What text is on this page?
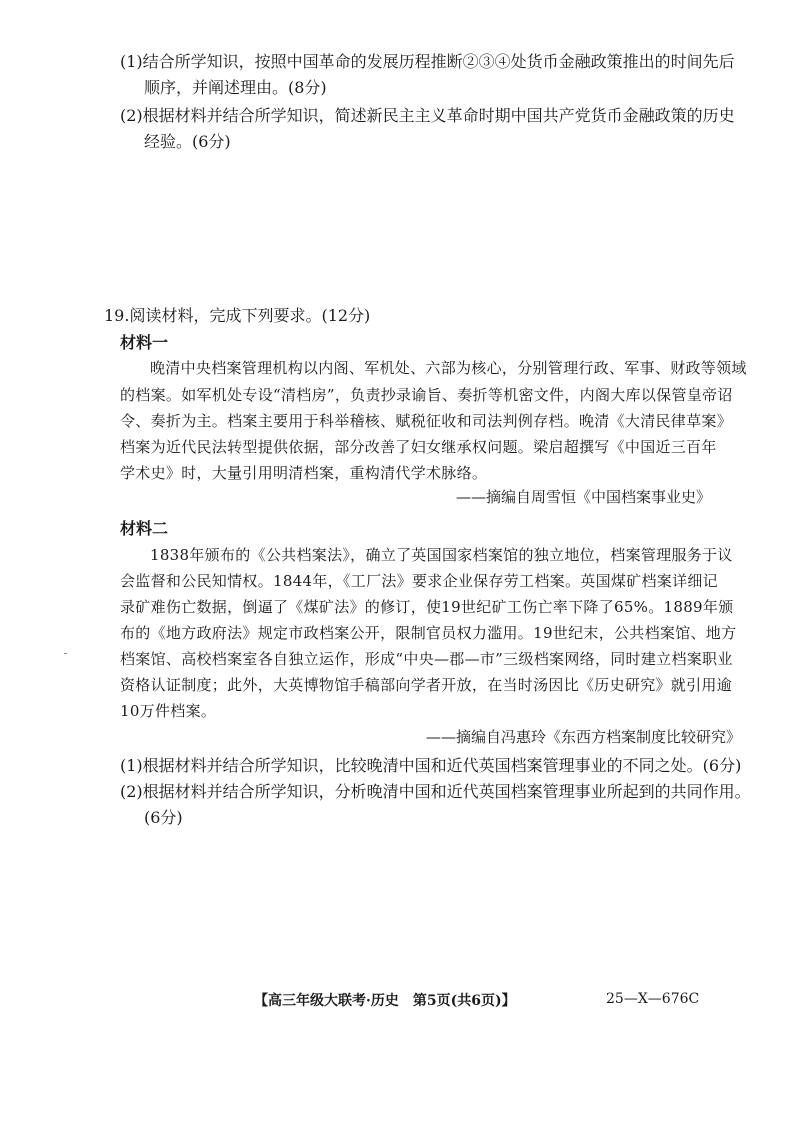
(1)结合所学知识，按照中国革命的发展历程推断②③④处货币金融政策推出的时间先后
顺序，并阐述理由。(8分)
(2)根据材料并结合所学知识，简述新民主主义革命时期中国共产党货币金融政策的历史
经验。(6分)
19.阅读材料，完成下列要求。(12分)
材料一
晚清中央档案管理机构以内阁、军机处、六部为核心，分别管理行政、军事、财政等领域
的档案。如军机处专设“清档房”，负责抄录谕旨、奏折等机密文件，内阁大库以保管皇帝诏
令、奏折为主。档案主要用于科举稽核、赋税征收和司法判例存档。晚清《大清民律草案》
档案为近代民法转型提供依据，部分改善了妇女继承权问题。梁启超撰写《中国近三百年
学术史》时，大量引用明清档案，重构清代学术脉络。
——摘编自周雪恒《中国档案事业史》
材料二
1838年颁布的《公共档案法》，确立了英国国家档案馆的独立地位，档案管理服务于议
会监督和公民知情权。1844年，《工厂法》要求企业保存劳工档案。英国煤矿档案详细记
录矿难伤亡数据，倒逼了《煤矿法》的修订，使19世纪矿工伤亡率下降了65%。1889年颁
布的《地方政府法》规定市政档案公开，限制官员权力滥用。19世纪末，公共档案馆、地方
档案馆、高校档案室各自独立运作，形成“中央—郡—市”三级档案网络，同时建立档案职业
资格认证制度；此外，大英博物馆手稿部向学者开放，在当时汤因比《历史研究》就引用逾
10万件档案。
——摘编自冯惠玲《东西方档案制度比较研究》
(1)根据材料并结合所学知识，比较晚清中国和近代英国档案管理事业的不同之处。(6分)
(2)根据材料并结合所学知识，分析晚清中国和近代英国档案管理事业所起到的共同作用。
(6分)
【高三年级大联考·历史　第5页(共6页)】	25—X—676C
